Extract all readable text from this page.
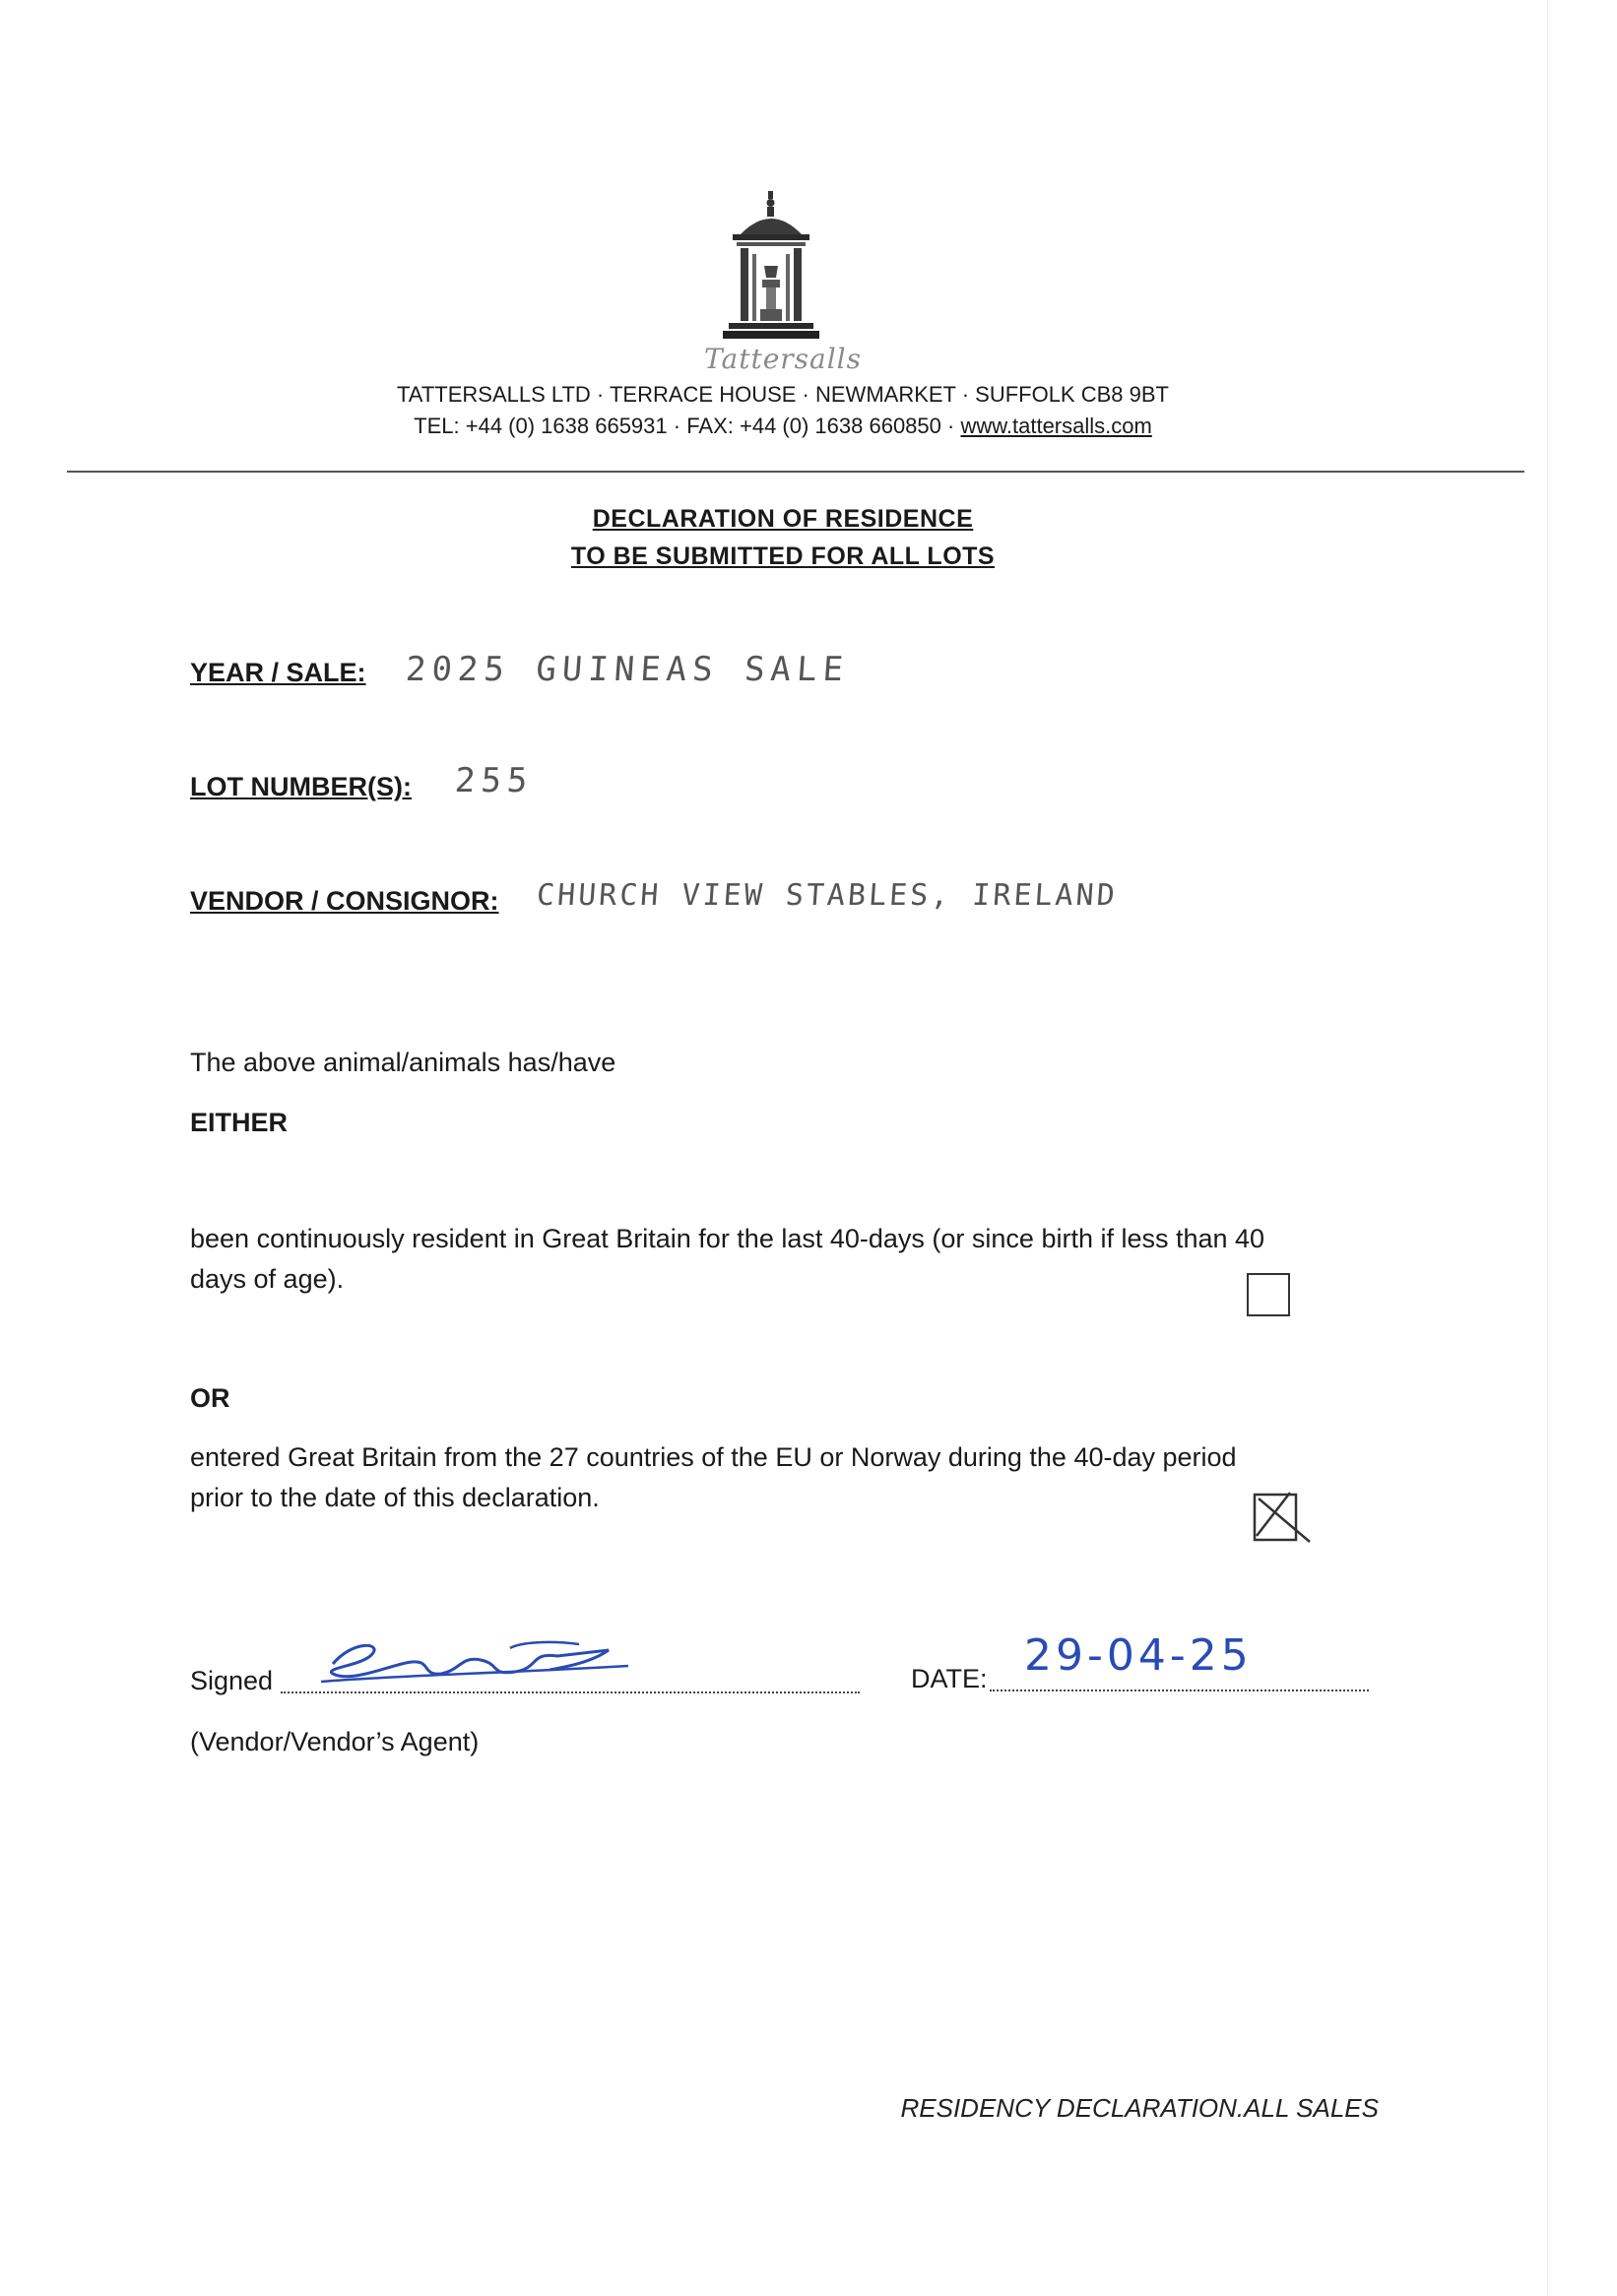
Tattersalls
TATTERSALLS LTD · TERRACE HOUSE · NEWMARKET · SUFFOLK CB8 9BT
TEL: +44 (0) 1638 665931 · FAX: +44 (0) 1638 660850 · www.tattersalls.com
DECLARATION OF RESIDENCE
TO BE SUBMITTED FOR ALL LOTS
YEAR / SALE: 2025 GUINEAS SALE
LOT NUMBER(S): 255
VENDOR / CONSIGNOR: CHURCH VIEW STABLES, IRELAND
The above animal/animals has/have
EITHER
been continuously resident in Great Britain for the last 40-days (or since birth if less than 40
days of age).
OR
entered Great Britain from the 27 countries of the EU or Norway during the 40-day period
prior to the date of this declaration.
Signed	DATE: 29-04-25
(Vendor/Vendor’s Agent)
RESIDENCY DECLARATION.ALL SALES
